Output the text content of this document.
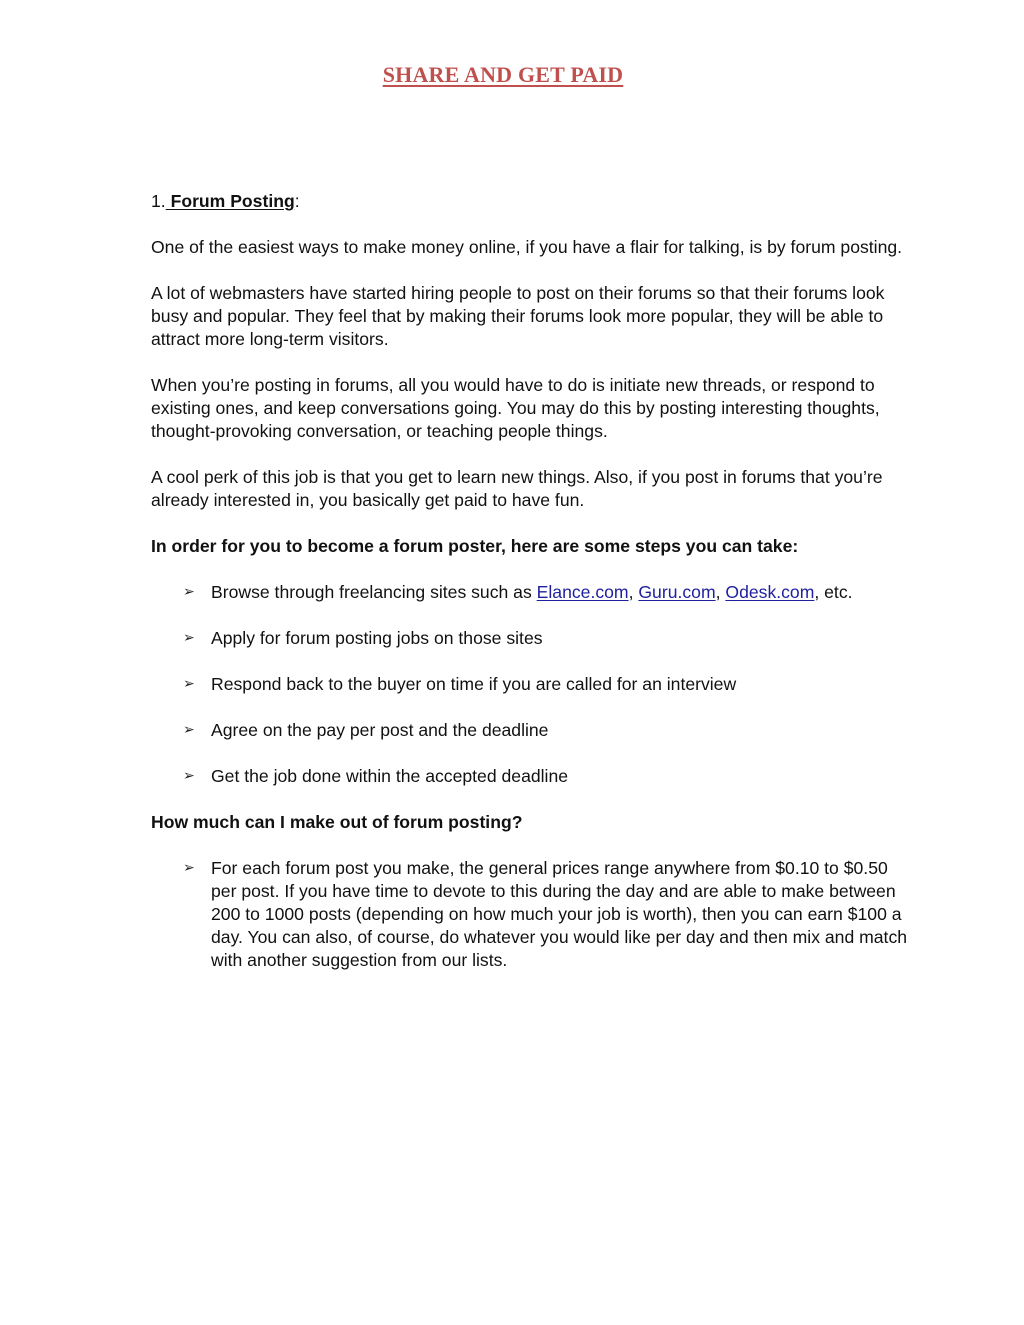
SHARE AND GET PAID

1. Forum Posting:

One of the easiest ways to make money online, if you have a flair for talking, is by forum posting.

A lot of webmasters have started hiring people to post on their forums so that their forums look busy and popular. They feel that by making their forums look more popular, they will be able to attract more long-term visitors.

When you’re posting in forums, all you would have to do is initiate new threads, or respond to existing ones, and keep conversations going. You may do this by posting interesting thoughts, thought-provoking conversation, or teaching people things.

A cool perk of this job is that you get to learn new things. Also, if you post in forums that you’re already interested in, you basically get paid to have fun.

In order for you to become a forum poster, here are some steps you can take:

➢ Browse through freelancing sites such as Elance.com, Guru.com, Odesk.com, etc.
➢ Apply for forum posting jobs on those sites
➢ Respond back to the buyer on time if you are called for an interview
➢ Agree on the pay per post and the deadline
➢ Get the job done within the accepted deadline

How much can I make out of forum posting?

➢ For each forum post you make, the general prices range anywhere from $0.10 to $0.50 per post. If you have time to devote to this during the day and are able to make between 200 to 1000 posts (depending on how much your job is worth), then you can earn $100 a day. You can also, of course, do whatever you would like per day and then mix and match with another suggestion from our lists.
